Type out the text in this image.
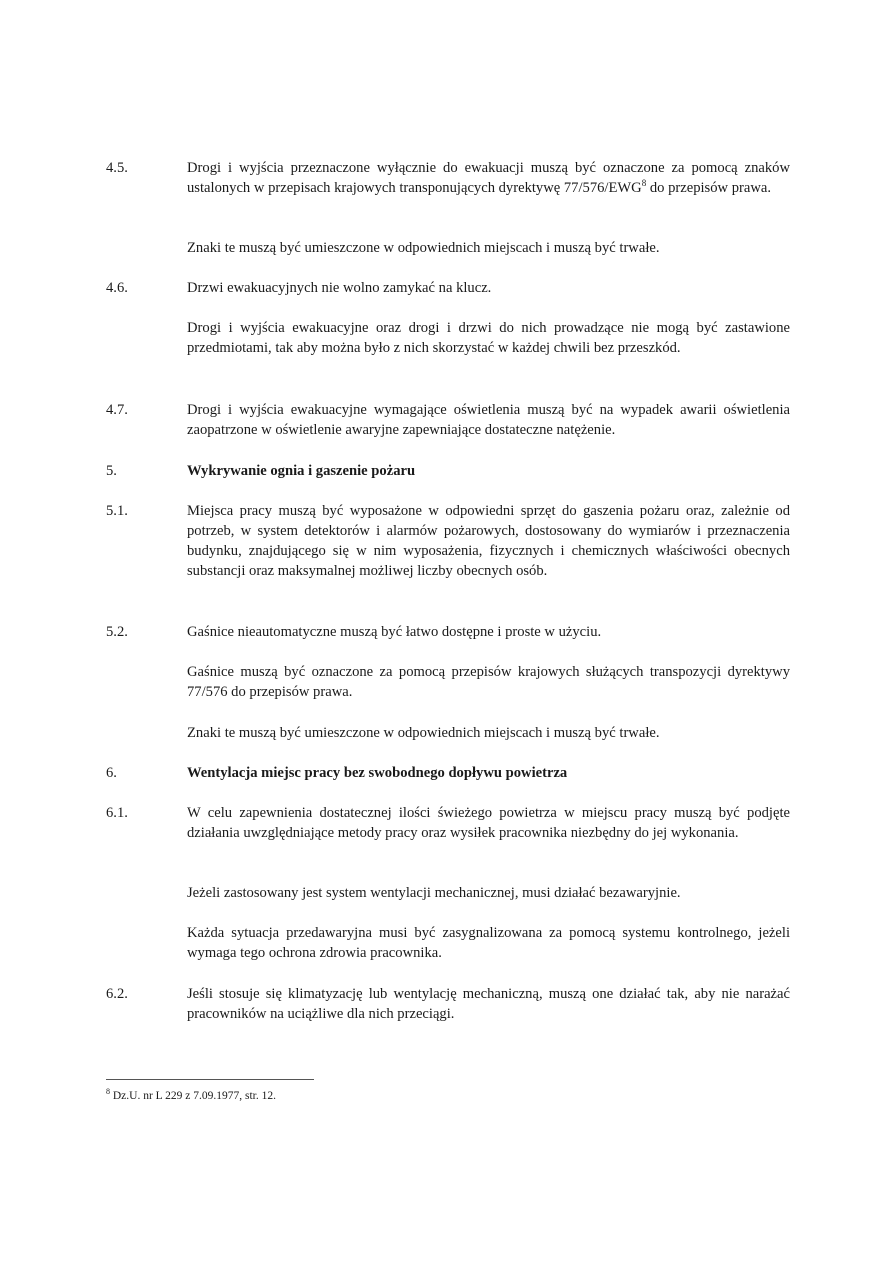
4.5.	Drogi i wyjścia przeznaczone wyłącznie do ewakuacji muszą być oznaczone za pomocą znaków ustalonych w przepisach krajowych transponujących dyrektywę 77/576/EWG$^8$ do przepisów prawa.
Znaki te muszą być umieszczone w odpowiednich miejscach i muszą być trwałe.
4.6.	Drzwi ewakuacyjnych nie wolno zamykać na klucz.
Drogi i wyjścia ewakuacyjne oraz drogi i drzwi do nich prowadzące nie mogą być zastawione przedmiotami, tak aby można było z nich skorzystać w każdej chwili bez przeszkód.
4.7.	Drogi i wyjścia ewakuacyjne wymagające oświetlenia muszą być na wypadek awarii oświetlenia zaopatrzone w oświetlenie awaryjne zapewniające dostateczne natężenie.
5.	Wykrywanie ognia i gaszenie pożaru
5.1.	Miejsca pracy muszą być wyposażone w odpowiedni sprzęt do gaszenia pożaru oraz, zależnie od potrzeb, w system detektorów i alarmów pożarowych, dostosowany do wymiarów i przeznaczenia budynku, znajdującego się w nim wyposażenia, fizycznych i chemicznych właściwości obecnych substancji oraz maksymalnej możliwej liczby obecnych osób.
5.2.	Gaśnice nieautomatyczne muszą być łatwo dostępne i proste w użyciu.
Gaśnice muszą być oznaczone za pomocą przepisów krajowych służących transpozycji dyrektywy 77/576 do przepisów prawa.
Znaki te muszą być umieszczone w odpowiednich miejscach i muszą być trwałe.
6.	Wentylacja miejsc pracy bez swobodnego dopływu powietrza
6.1.	W celu zapewnienia dostatecznej ilości świeżego powietrza w miejscu pracy muszą być podjęte działania uwzględniające metody pracy oraz wysiłek pracownika niezbędny do jej wykonania.
Jeżeli zastosowany jest system wentylacji mechanicznej, musi działać bezawaryjnie.
Każda sytuacja przedawaryjna musi być zasygnalizowana za pomocą systemu kontrolnego, jeżeli wymaga tego ochrona zdrowia pracownika.
6.2.	Jeśli stosuje się klimatyzację lub wentylację mechaniczną, muszą one działać tak, aby nie narażać pracowników na uciążliwe dla nich przeciągi.
$^8$ Dz.U. nr L 229 z 7.09.1977, str. 12.
